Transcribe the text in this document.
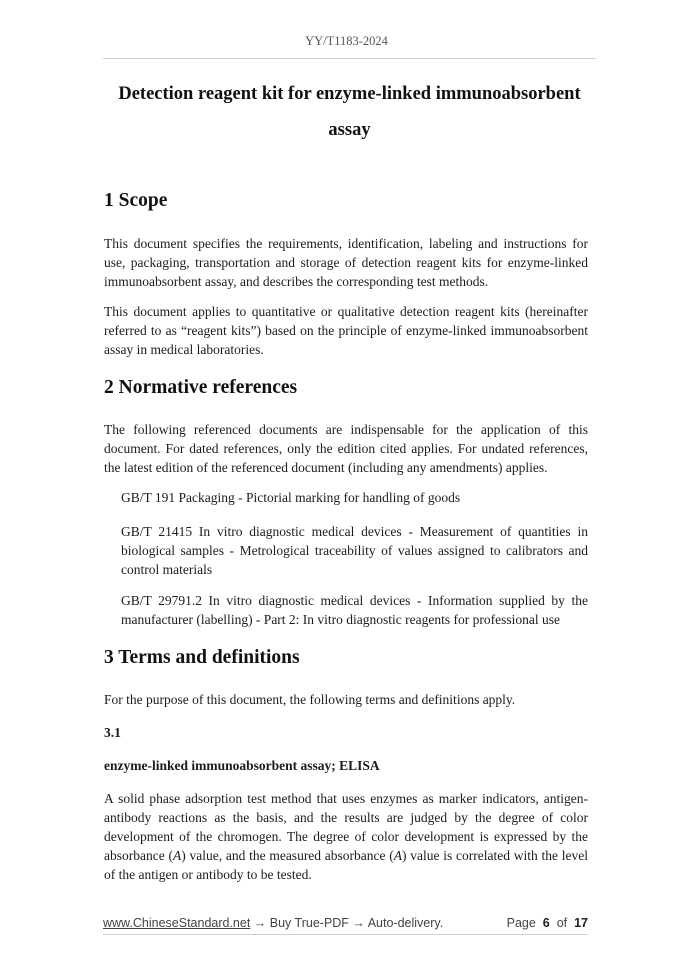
YY/T1183-2024
Detection reagent kit for enzyme-linked immunoabsorbent
assay
1 Scope

This document specifies the requirements, identification, labeling and instructions for use, packaging, transportation and storage of detection reagent kits for enzyme-linked immunoabsorbent assay, and describes the corresponding test methods.

This document applies to quantitative or qualitative detection reagent kits (hereinafter referred to as “reagent kits”) based on the principle of enzyme-linked immunoabsorbent assay in medical laboratories.

2 Normative references

The following referenced documents are indispensable for the application of this document. For dated references, only the edition cited applies. For undated references, the latest edition of the referenced document (including any amendments) applies.

GB/T 191 Packaging - Pictorial marking for handling of goods

GB/T 21415 In vitro diagnostic medical devices - Measurement of quantities in biological samples - Metrological traceability of values assigned to calibrators and control materials

GB/T 29791.2 In vitro diagnostic medical devices - Information supplied by the manufacturer (labelling) - Part 2: In vitro diagnostic reagents for professional use

3 Terms and definitions

For the purpose of this document, the following terms and definitions apply.

3.1

enzyme-linked immunoabsorbent assay; ELISA

A solid phase adsorption test method that uses enzymes as marker indicators, antigen-antibody reactions as the basis, and the results are judged by the degree of color development of the chromogen. The degree of color development is expressed by the absorbance (A) value, and the measured absorbance (A) value is correlated with the level of the antigen or antibody to be tested.

www.ChineseStandard.net → Buy True-PDF → Auto-delivery.	Page 6 of 17
